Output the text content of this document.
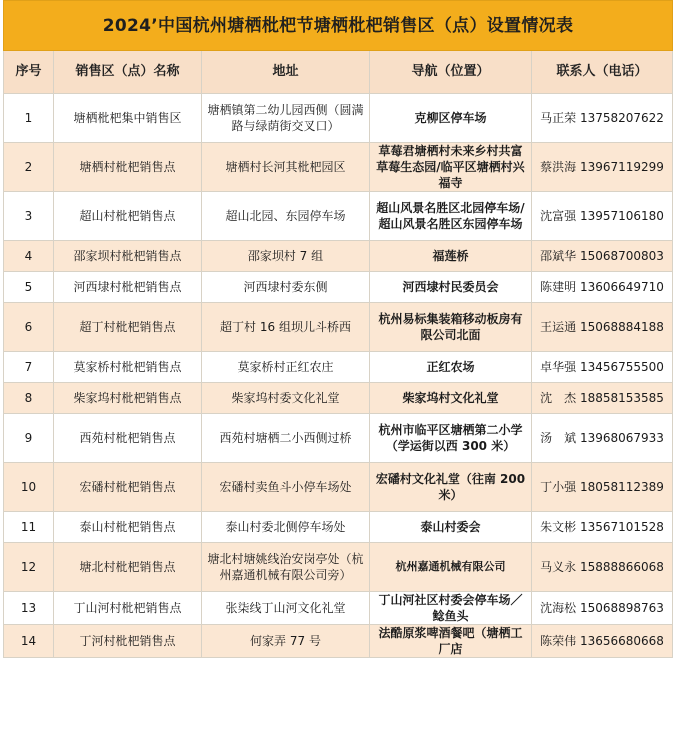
2024’中国杭州塘栖枇杷节塘栖枇杷销售区（点）设置情况表				
序号	销售区（点）名称	地址	导航（位置）	联系人（电话）
1	塘栖枇杷集中销售区	塘栖镇第二幼儿园西侧（圆满路与绿荫街交叉口）	克柳区停车场	马正荣 13758207622
2	塘栖村枇杷销售点	塘栖村长河其枇杷园区	草莓君塘栖村未来乡村共富草莓生态园/临平区塘栖村兴福寺	蔡洪海 13967119299
3	超山村枇杷销售点	超山北园、东园停车场	超山风景名胜区北园停车场/超山风景名胜区东园停车场	沈富强 13957106180
4	邵家坝村枇杷销售点	邵家坝村 7 组	福莲桥	邵斌华 15068700803
5	河西埭村枇杷销售点	河西埭村委东侧	河西埭村民委员会	陈建明 13606649710
6	超丁村枇杷销售点	超丁村 16 组坝儿斗桥西	杭州易标集装箱移动板房有限公司北面	王运通 15068884188
7	莫家桥村枇杷销售点	莫家桥村正红农庄	正红农场	卓华强 13456755500
8	柴家坞村枇杷销售点	柴家坞村委文化礼堂	柴家坞村文化礼堂	沈　杰 18858153585
9	西苑村枇杷销售点	西苑村塘栖二小西侧过桥	杭州市临平区塘栖第二小学（学运街以西 300 米）	汤　斌 13968067933
10	宏磻村枇杷销售点	宏磻村卖鱼斗小停车场处	宏磻村文化礼堂（往南 200 米）	丁小强 18058112389
11	泰山村枇杷销售点	泰山村委北侧停车场处	泰山村委会	朱文彬 13567101528
12	塘北村枇杷销售点	塘北村塘姚线治安岗亭处（杭州嘉通机械有限公司旁）	杭州嘉通机械有限公司	马义永 15888866068
13	丁山河村枇杷销售点	张柒线丁山河文化礼堂	丁山河社区村委会停车场／鲶鱼头	沈海松 15068898763
14	丁河村枇杷销售点	何家弄 77 号	法酷原浆啤酒餐吧（塘栖工厂店	陈荣伟 13656680668
